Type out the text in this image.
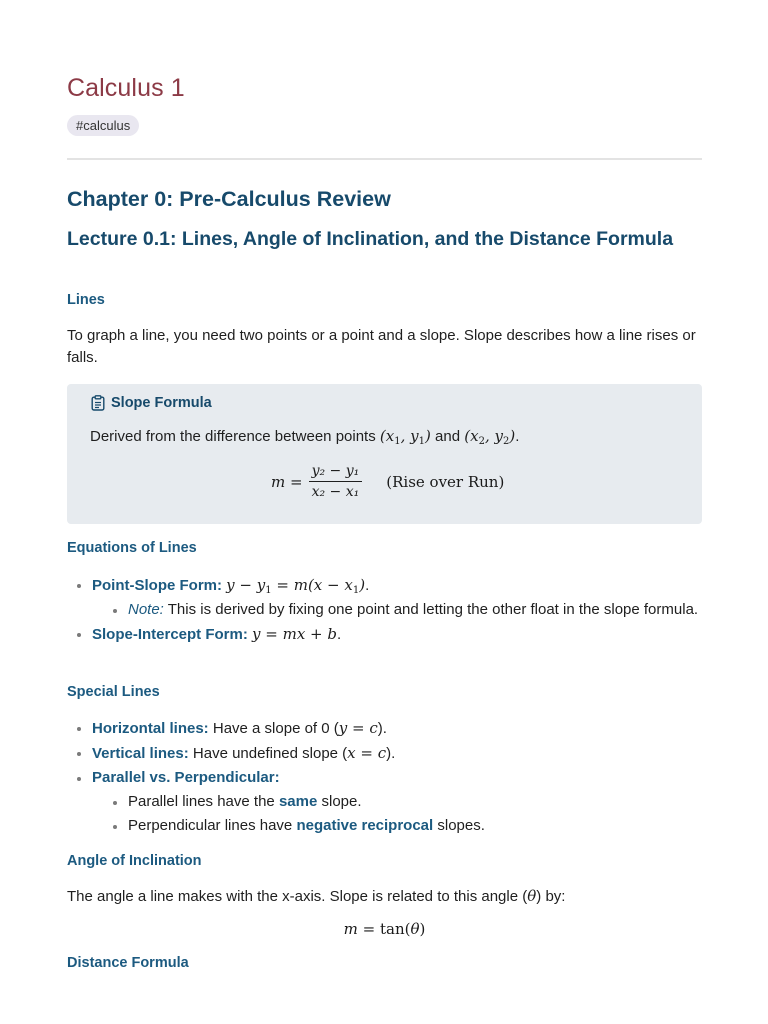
Calculus 1
#calculus
Chapter 0: Pre-Calculus Review
Lecture 0.1: Lines, Angle of Inclination, and the Distance Formula
Lines

To graph a line, you need two points or a point and a slope. Slope describes how a line rises or falls.

Slope Formula
Derived from the difference between points ($x_1$, $y_1$) and ($x_2$, $y_2$).
$m = \frac{\text{y₂ − y₁}}{\text{x₂ − x₁}}$ (Rise over Run)
Equations of Lines
Point-Slope Form: $y - y_1 = m(x - x_1)$.
Note: This is derived by fixing one point and letting the other float in the slope formula.
Slope-Intercept Form: y = mx + b.
Special Lines
Horizontal lines: Have a slope of 0 (y = c).
Vertical lines: Have undefined slope (x = c).
Parallel vs. Perpendicular:
Parallel lines have the same slope.
Perpendicular lines have negative reciprocal slopes.
Angle of Inclination

The angle a line makes with the x-axis. Slope is related to this angle (θ) by:

m = tan(θ)
Distance Formula
